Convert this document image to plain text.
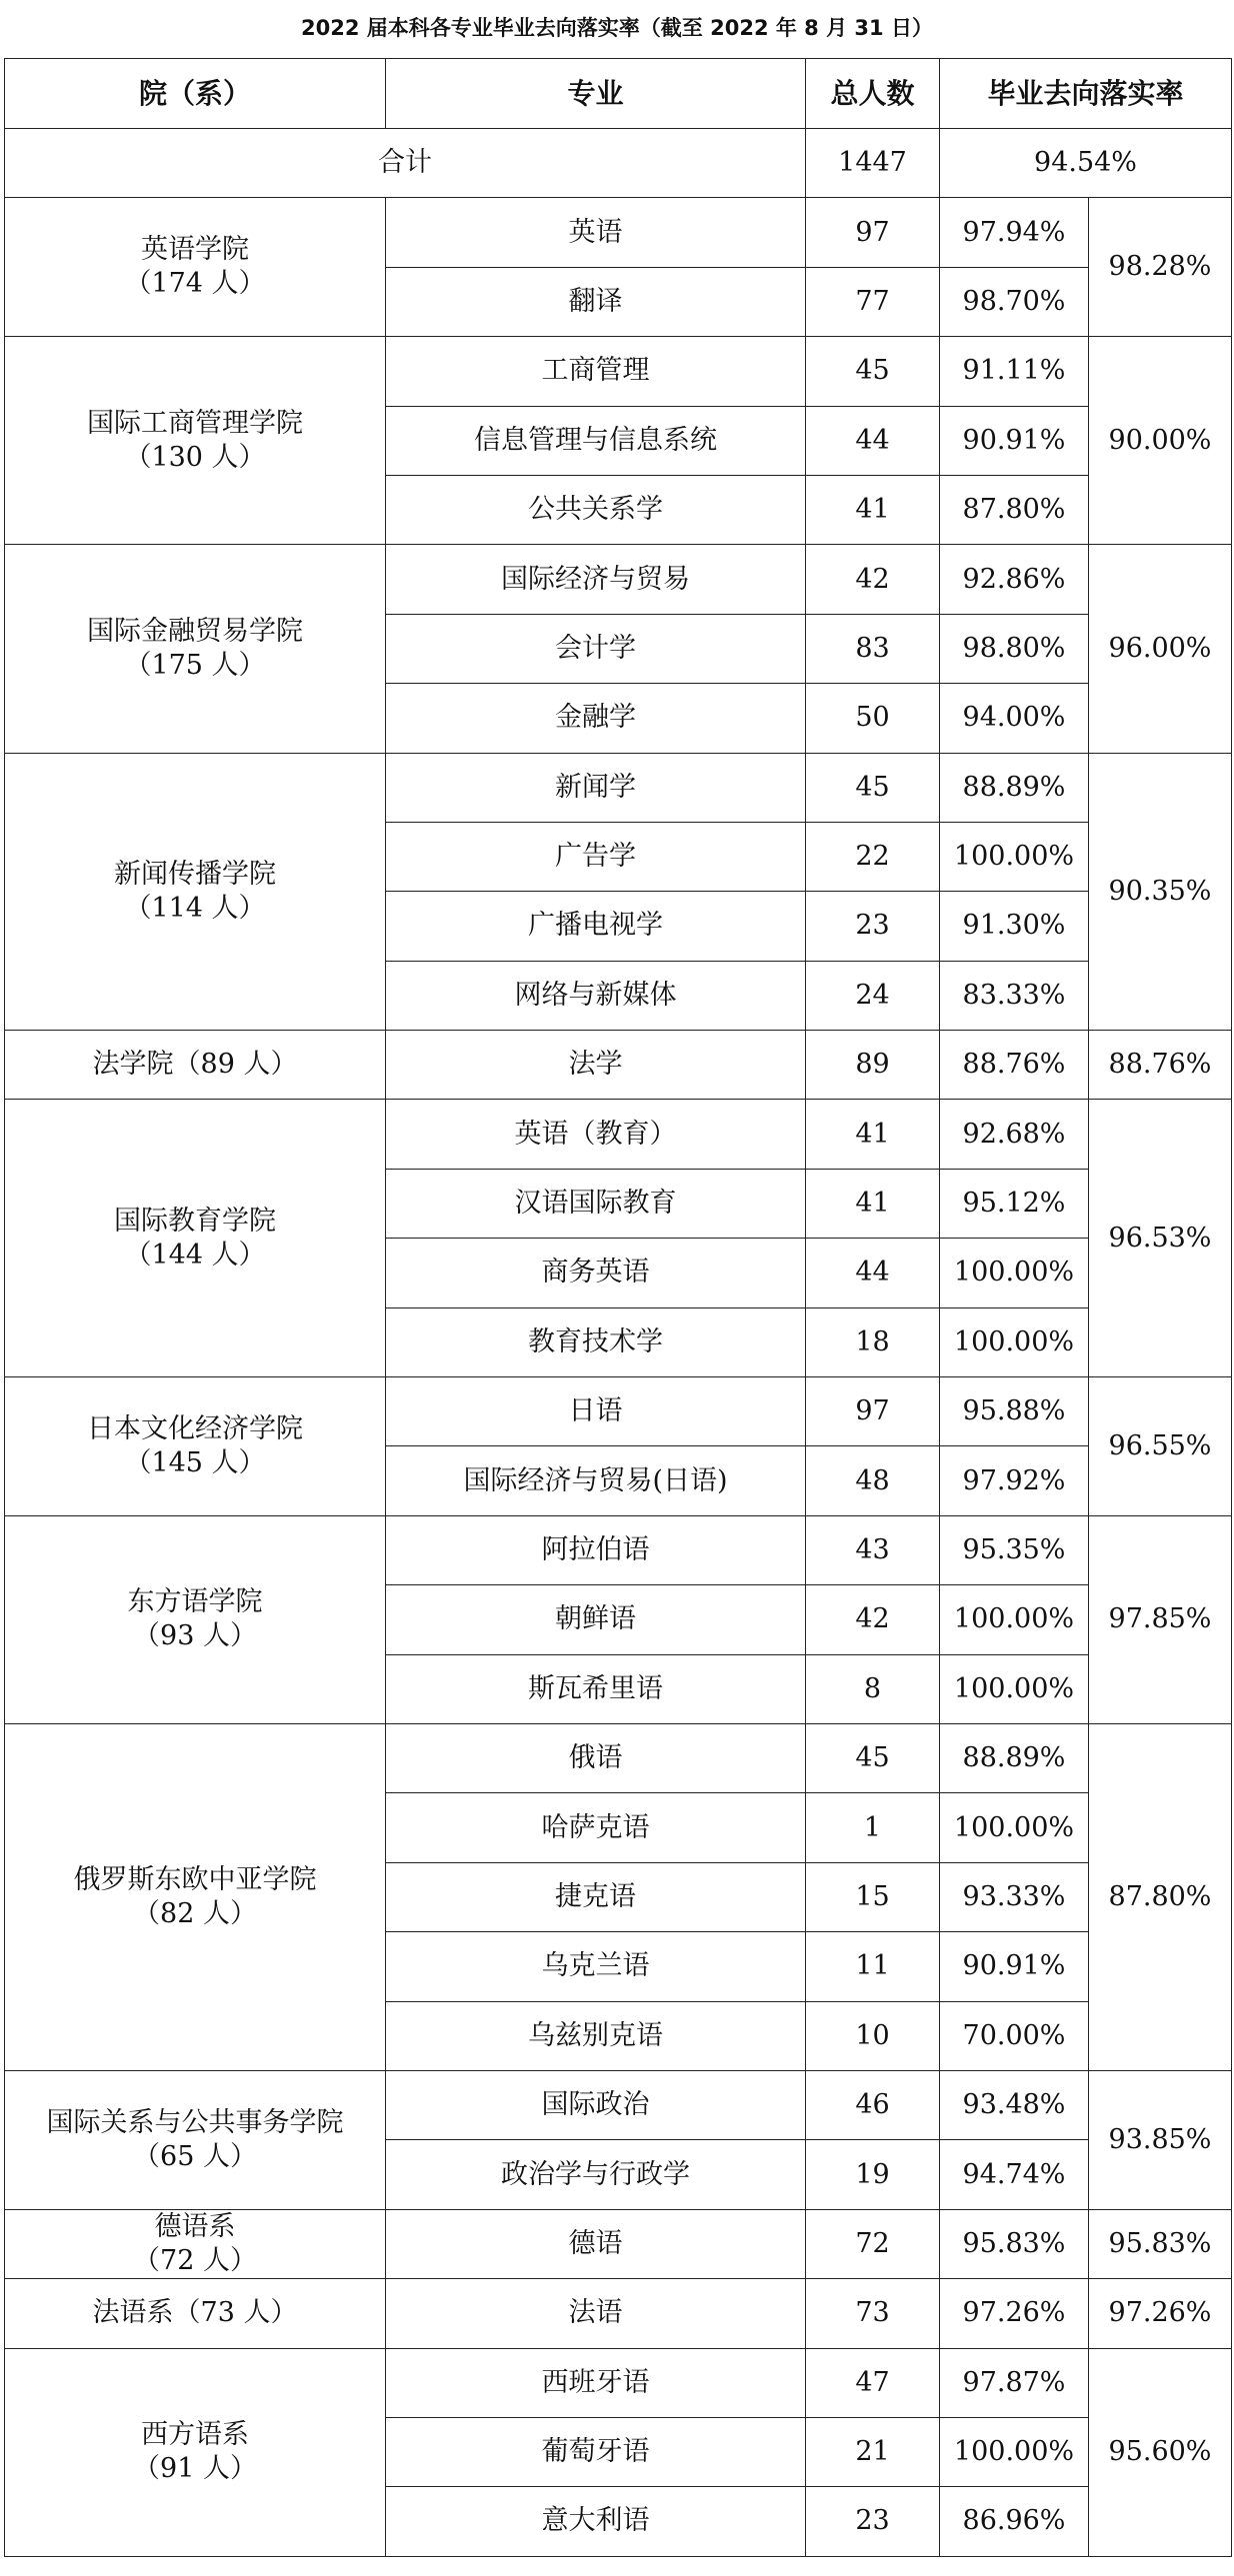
2022 届本科各专业毕业去向落实率（截至 2022 年 8 月 31 日）
院（系）	专业	总人数	毕业去向落实率	
合计		1447	94.54%	
英语学院
（174 人）	英语	97	97.94%	98.28%
	翻译	77	98.70%	
国际工商管理学院
（130 人）	工商管理	45	91.11%	90.00%
	信息管理与信息系统	44	90.91%	
	公共关系学	41	87.80%	
国际金融贸易学院
（175 人）	国际经济与贸易	42	92.86%	96.00%
	会计学	83	98.80%	
	金融学	50	94.00%	
新闻传播学院
（114 人）	新闻学	45	88.89%	90.35%
	广告学	22	100.00%	
	广播电视学	23	91.30%	
	网络与新媒体	24	83.33%	
法学院（89 人）	法学	89	88.76%	88.76%
国际教育学院
（144 人）	英语（教育）	41	92.68%	96.53%
	汉语国际教育	41	95.12%	
	商务英语	44	100.00%	
	教育技术学	18	100.00%	
日本文化经济学院
（145 人）	日语	97	95.88%	96.55%
	国际经济与贸易(日语)	48	97.92%	
东方语学院
（93 人）	阿拉伯语	43	95.35%	97.85%
	朝鲜语	42	100.00%	
	斯瓦希里语	8	100.00%	
俄罗斯东欧中亚学院
（82 人）	俄语	45	88.89%	87.80%
	哈萨克语	1	100.00%	
	捷克语	15	93.33%	
	乌克兰语	11	90.91%	
	乌兹别克语	10	70.00%	
国际关系与公共事务学院
（65 人）	国际政治	46	93.48%	93.85%
	政治学与行政学	19	94.74%	
德语系
（72 人）	德语	72	95.83%	95.83%
法语系（73 人）	法语	73	97.26%	97.26%
西方语系
（91 人）	西班牙语	47	97.87%	95.60%
	葡萄牙语	21	100.00%	
	意大利语	23	86.96%	
